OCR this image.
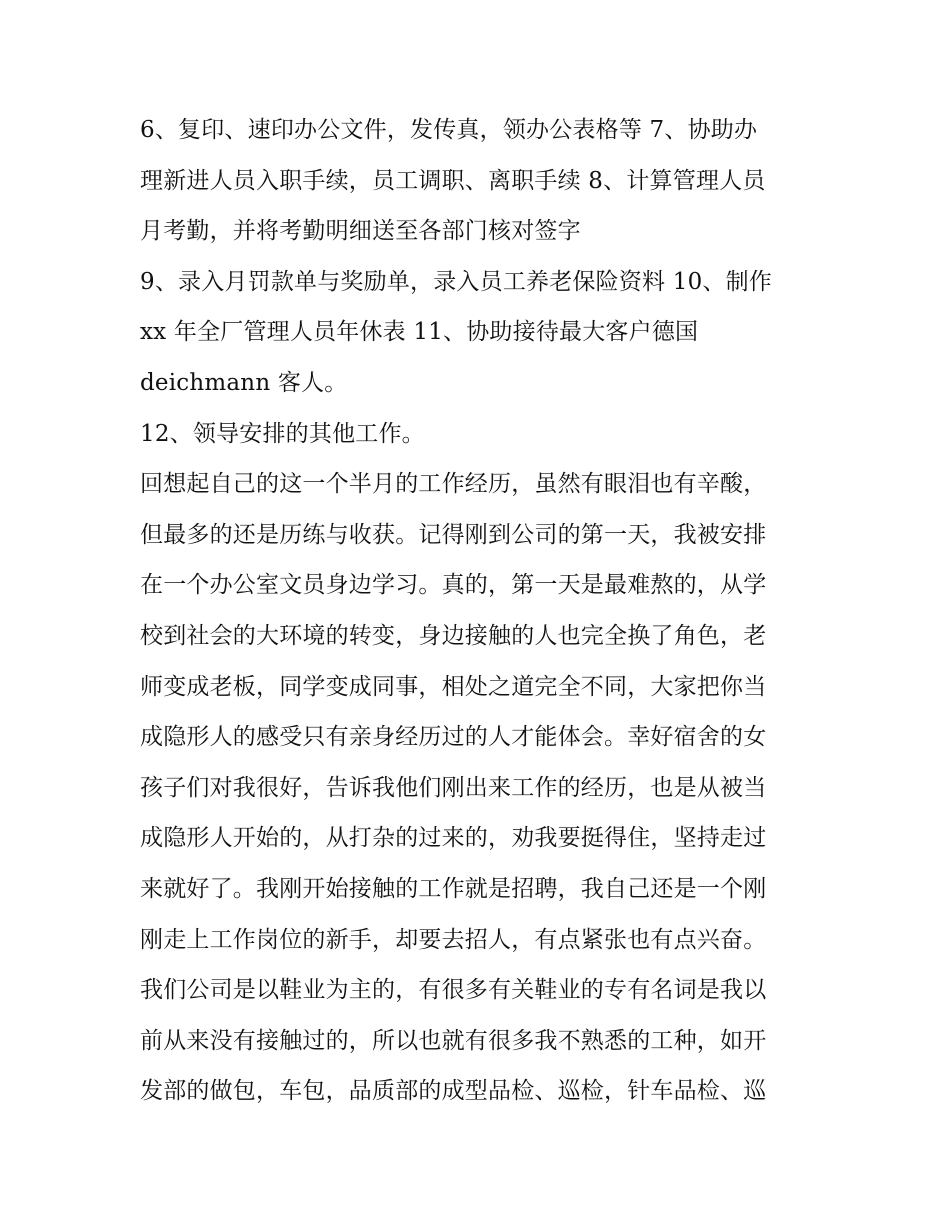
6、复印、速印办公文件，发传真，领办公表格等 7、协助办
理新进人员入职手续，员工调职、离职手续 8、计算管理人员
月考勤，并将考勤明细送至各部门核对签字
9、录入月罚款单与奖励单，录入员工养老保险资料 10、制作
xx 年全厂管理人员年休表 11、协助接待最大客户德国
deichmann 客人。
12、领导安排的其他工作。
回想起自己的这一个半月的工作经历，虽然有眼泪也有辛酸，
但最多的还是历练与收获。记得刚到公司的第一天，我被安排
在一个办公室文员身边学习。真的，第一天是最难熬的，从学
校到社会的大环境的转变，身边接触的人也完全换了角色，老
师变成老板，同学变成同事，相处之道完全不同，大家把你当
成隐形人的感受只有亲身经历过的人才能体会。幸好宿舍的女
孩子们对我很好，告诉我他们刚出来工作的经历，也是从被当
成隐形人开始的，从打杂的过来的，劝我要挺得住，坚持走过
来就好了。我刚开始接触的工作就是招聘，我自己还是一个刚
刚走上工作岗位的新手，却要去招人，有点紧张也有点兴奋。
我们公司是以鞋业为主的，有很多有关鞋业的专有名词是我以
前从来没有接触过的，所以也就有很多我不熟悉的工种，如开
发部的做包，车包，品质部的成型品检、巡检，针车品检、巡
